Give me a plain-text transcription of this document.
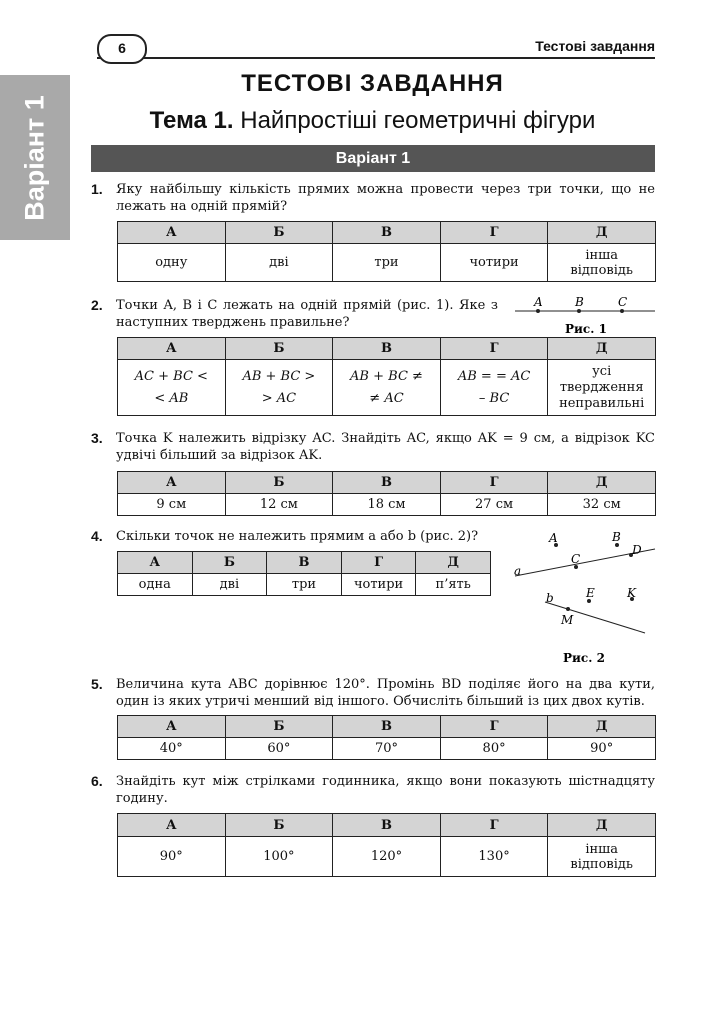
6	Тестові завдання
Варіант 1
ТЕСТОВІ ЗАВДАННЯ
Тема 1. Найпростіші геометричні фігури
Варіант 1
1. Яку найбільшу кількість прямих можна провести через три точки, що не лежать на одній прямій?
А	Б	В	Г	Д
одну	дві	три	чотири	інша відповідь
2. Точки A, B і C лежать на одній прямій (рис. 1). Яке з наступних тверджень правильне?
A	B	C
Рис. 1
А	Б	В	Г	Д
AC + BC < < AB	AB + BC > > AC	AB + BC ≠ ≠ AC	AB = = AC – BC	усі твердження неправильні
3. Точка K належить відрізку AC. Знайдіть AC, якщо AK = 9 см, а відрізок KC удвічі більший за відрізок AK.
А	Б	В	Г	Д
9 см	12 см	18 см	27 см	32 см
4. Скільки точок не належить прямим a або b (рис. 2)?
А	Б	В	Г	Д
одна	дві	три	чотири	п’ять
A	B
C
D
E	K
M
a
b
Рис. 2
5. Величина кута ABC дорівнює 120°. Промінь BD поділяє його на два кути, один із яких утричі менший від іншого. Обчисліть більший із цих двох кутів.
А	Б	В	Г	Д
40°	60°	70°	80°	90°
6. Знайдіть кут між стрілками годинника, якщо вони показують шістнадцяту годину.
А	Б	В	Г	Д
90°	100°	120°	130°	інша відповідь
